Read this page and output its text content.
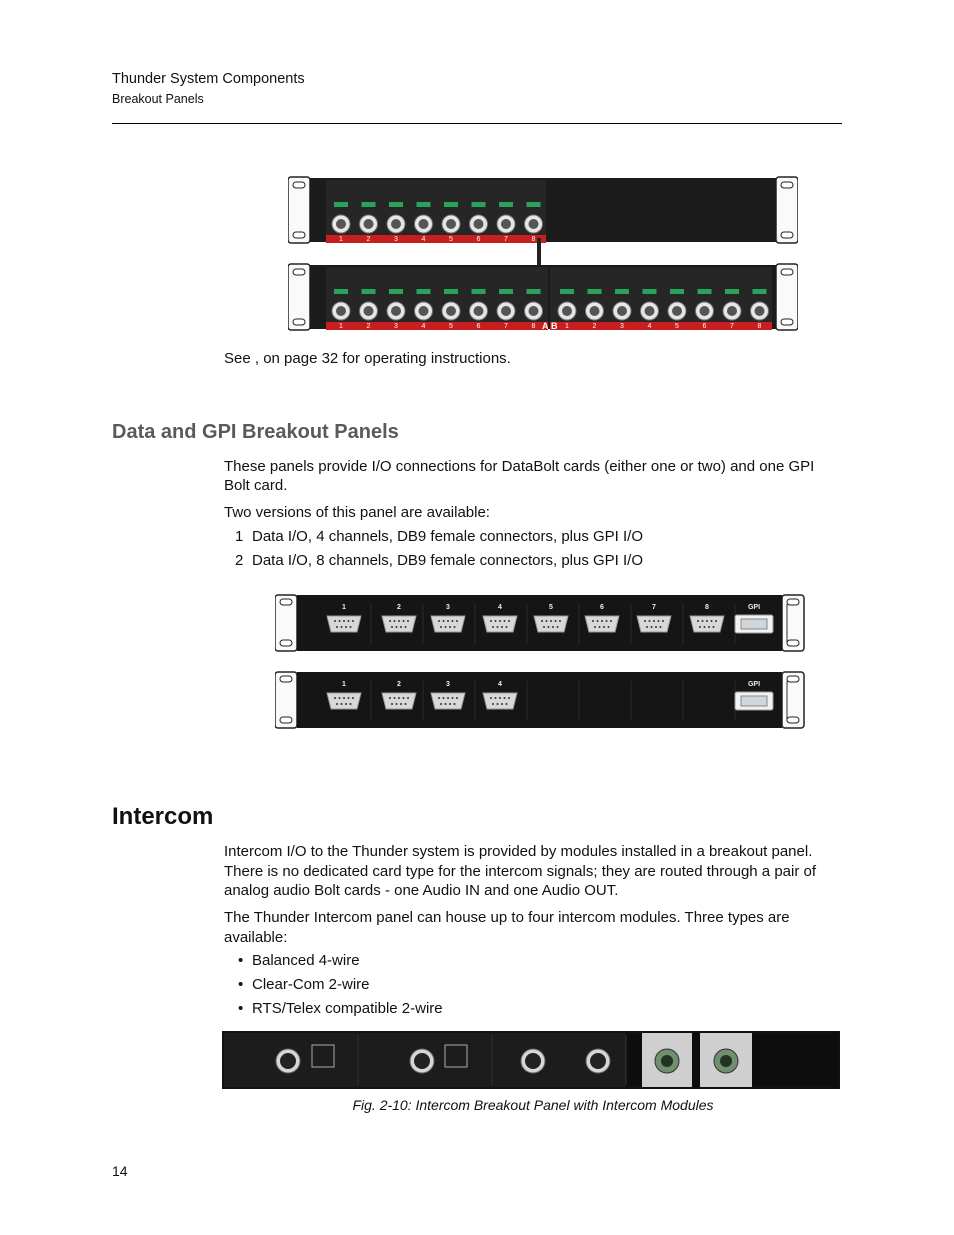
Thunder System Components
Breakout Panels
1	2	3	4	5	6	7	8
1	2	3	4	5	6	7	8	1	2	3	4	5	6	7	8
A B
See , on page 32 for operating instructions.
Data and GPI Breakout Panels
These panels provide I/O connections for DataBolt cards (either one or two) and one GPI
Bolt card.
Two versions of this panel are available:
1 Data I/O, 4 channels, DB9 female connectors, plus GPI I/O
2 Data I/O, 8 channels, DB9 female connectors, plus GPI I/O
1	2	3	4	5	6	7	8	GPI
1	2	3	4	GPI
Intercom
Intercom I/O to the Thunder system is provided by modules installed in a breakout panel.
There is no dedicated card type for the intercom signals; they are routed through a pair of
analog audio Bolt cards - one Audio IN and one Audio OUT.
The Thunder Intercom panel can house up to four intercom modules. Three types are
available:
• Balanced 4-wire
• Clear-Com 2-wire
• RTS/Telex compatible 2-wire
Fig. 2-10: Intercom Breakout Panel with Intercom Modules
14
